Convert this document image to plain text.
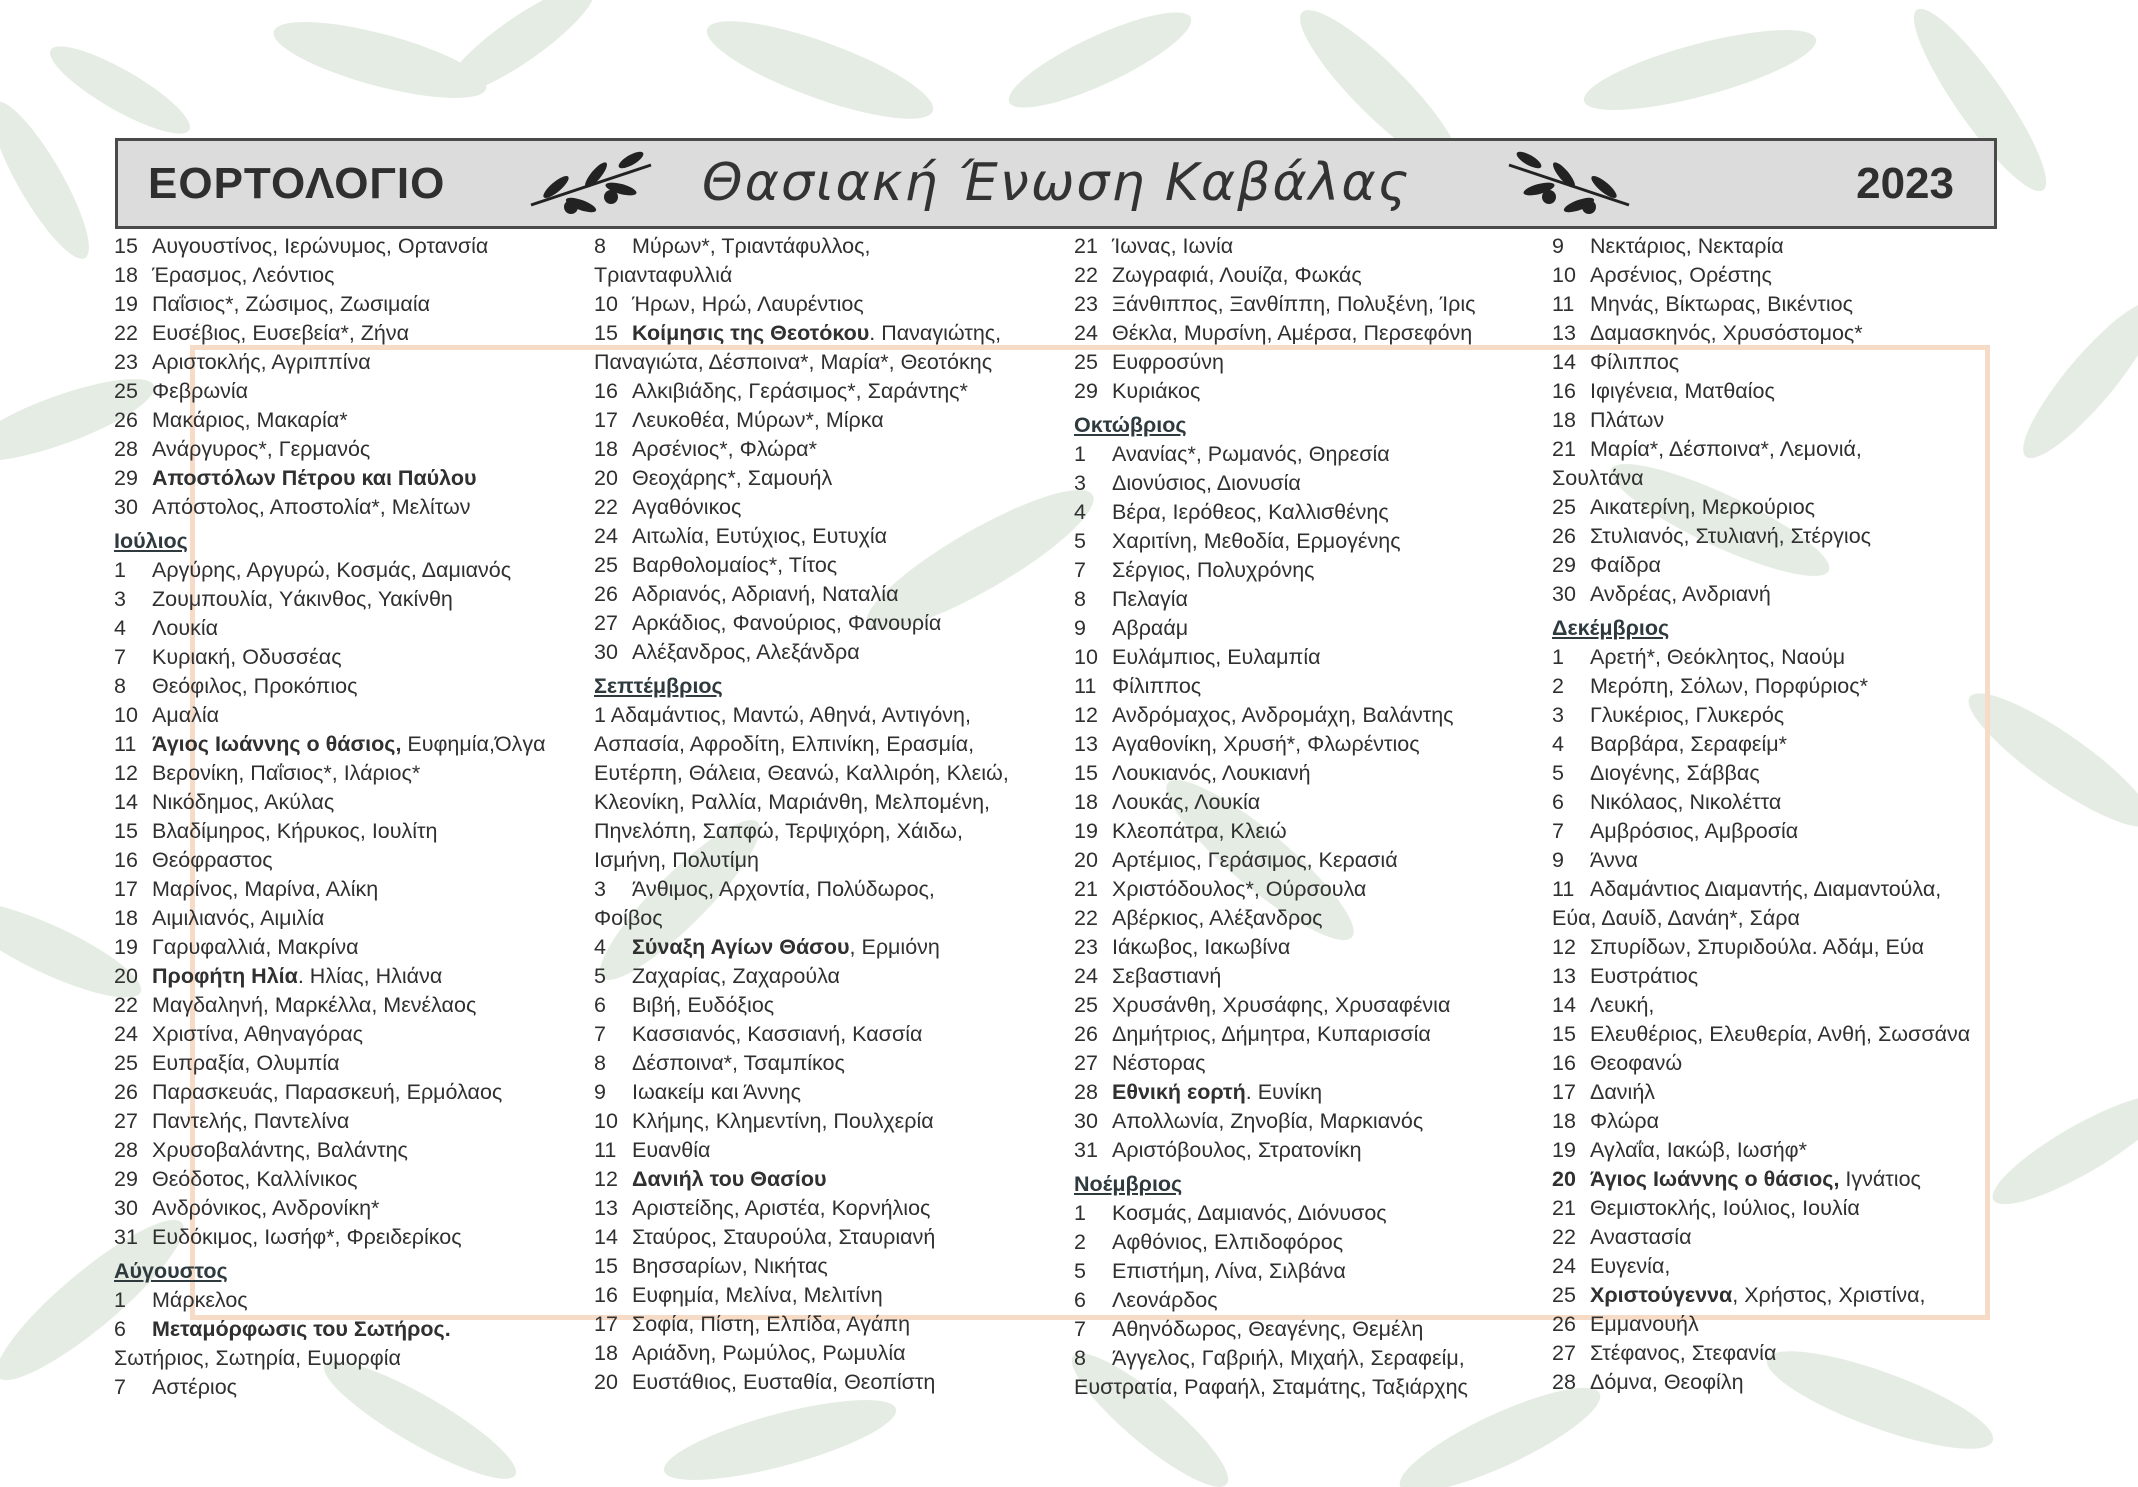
ΕΟΡΤΟΛΟΓΙΟ	Θασιακή Ένωση Καβάλας	2023
15 Αυγουστίνος, Ιερώνυμος, Ορτανσία
18 Έρασμος, Λεόντιος
19 Παΐσιος*, Ζώσιμος, Ζωσιμαία
22 Ευσέβιος, Ευσεβεία*, Ζήνα
23 Αριστοκλής, Αγριππίνα
25 Φεβρωνία
26 Μακάριος, Μακαρία*
28 Ανάργυρος*, Γερμανός
29 Αποστόλων Πέτρου και Παύλου
30 Απόστολος, Αποστολία*, Μελίτων
Ιούλιος
1 Αργύρης, Αργυρώ, Κοσμάς, Δαμιανός
3 Ζουμπουλία, Υάκινθος, Υακίνθη
4 Λουκία
7 Κυριακή, Οδυσσέας
8 Θεόφιλος, Προκόπιος
10 Αμαλία
11 Άγιος Ιωάννης ο θάσιος, Ευφημία,Όλγα
12 Βερονίκη, Παΐσιος*, Ιλάριος*
14 Νικόδημος, Ακύλας
15 Βλαδίμηρος, Κήρυκος, Ιουλίτη
16 Θεόφραστος
17 Μαρίνος, Μαρίνα, Αλίκη
18 Αιμιλιανός, Αιμιλία
19 Γαρυφαλλιά, Μακρίνα
20 Προφήτη Ηλία. Ηλίας, Ηλιάνα
22 Μαγδαληνή, Μαρκέλλα, Μενέλαος
24 Χριστίνα, Αθηναγόρας
25 Ευπραξία, Ολυμπία
26 Παρασκευάς, Παρασκευή, Ερμόλαος
27 Παντελής, Παντελίνα
28 Χρυσοβαλάντης, Βαλάντης
29 Θεόδοτος, Καλλίνικος
30 Ανδρόνικος, Ανδρονίκη*
31 Ευδόκιμος, Ιωσήφ*, Φρειδερίκος
Αύγουστος
1 Μάρκελος
6 Μεταμόρφωσις του Σωτήρος.
Σωτήριος, Σωτηρία, Ευμορφία
7 Αστέριος
8 Μύρων*, Τριαντάφυλλος,
Τριανταφυλλιά
10 Ήρων, Ηρώ, Λαυρέντιος
15 Κοίμησις της Θεοτόκου. Παναγιώτης,
Παναγιώτα, Δέσποινα*, Μαρία*, Θεοτόκης
16 Αλκιβιάδης, Γεράσιμος*, Σαράντης*
17 Λευκοθέα, Μύρων*, Μίρκα
18 Αρσένιος*, Φλώρα*
20 Θεοχάρης*, Σαμουήλ
22 Αγαθόνικος
24 Αιτωλία, Ευτύχιος, Ευτυχία
25 Βαρθολομαίος*, Τίτος
26 Αδριανός, Αδριανή, Ναταλία
27 Αρκάδιος, Φανούριος, Φανουρία
30 Αλέξανδρος, Αλεξάνδρα
Σεπτέμβριος
1 Αδαμάντιος, Μαντώ, Αθηνά, Αντιγόνη,
Ασπασία, Αφροδίτη, Ελπινίκη, Ερασμία,
Ευτέρπη, Θάλεια, Θεανώ, Καλλιρόη, Κλειώ,
Κλεονίκη, Ραλλία, Μαριάνθη, Μελπομένη,
Πηνελόπη, Σαπφώ, Τερψιχόρη, Χάιδω,
Ισμήνη, Πολυτίμη
3 Άνθιμος, Αρχοντία, Πολύδωρος,
Φοίβος
4 Σύναξη Αγίων Θάσου, Ερμιόνη
5 Ζαχαρίας, Ζαχαρούλα
6 Βιβή, Ευδόξιος
7 Κασσιανός, Κασσιανή, Κασσία
8 Δέσποινα*, Τσαμπίκος
9 Ιωακείμ και Άννης
10 Κλήμης, Κλημεντίνη, Πουλχερία
11 Ευανθία
12 Δανιήλ του Θασίου
13 Αριστείδης, Αριστέα, Κορνήλιος
14 Σταύρος, Σταυρούλα, Σταυριανή
15 Βησσαρίων, Νικήτας
16 Ευφημία, Μελίνα, Μελιτίνη
17 Σοφία, Πίστη, Ελπίδα, Αγάπη
18 Αριάδνη, Ρωμύλος, Ρωμυλία
20 Ευστάθιος, Ευσταθία, Θεοπίστη
21 Ίωνας, Ιωνία
22 Ζωγραφιά, Λουίζα, Φωκάς
23 Ξάνθιππος, Ξανθίππη, Πολυξένη, Ίρις
24 Θέκλα, Μυρσίνη, Αμέρσα, Περσεφόνη
25 Ευφροσύνη
29 Κυριάκος
Οκτώβριος
1 Ανανίας*, Ρωμανός, Θηρεσία
3 Διονύσιος, Διονυσία
4 Βέρα, Ιερόθεος, Καλλισθένης
5 Χαριτίνη, Μεθοδία, Ερμογένης
7 Σέργιος, Πολυχρόνης
8 Πελαγία
9 Αβραάμ
10 Ευλάμπιος, Ευλαμπία
11 Φίλιππος
12 Ανδρόμαχος, Ανδρομάχη, Βαλάντης
13 Αγαθονίκη, Χρυσή*, Φλωρέντιος
15 Λουκιανός, Λουκιανή
18 Λουκάς, Λουκία
19 Κλεοπάτρα, Κλειώ
20 Αρτέμιος, Γεράσιμος, Κερασιά
21 Χριστόδουλος*, Ούρσουλα
22 Αβέρκιος, Αλέξανδρος
23 Ιάκωβος, Ιακωβίνα
24 Σεβαστιανή
25 Χρυσάνθη, Χρυσάφης, Χρυσαφένια
26 Δημήτριος, Δήμητρα, Κυπαρισσία
27 Νέστορας
28 Εθνική εορτή. Ευνίκη
30 Απολλωνία, Ζηνοβία, Μαρκιανός
31 Αριστόβουλος, Στρατονίκη
Νοέμβριος
1 Κοσμάς, Δαμιανός, Διόνυσος
2 Αφθόνιος, Ελπιδοφόρος
5 Επιστήμη, Λίνα, Σιλβάνα
6 Λεονάρδος
7 Αθηνόδωρος, Θεαγένης, Θεμέλη
8 Άγγελος, Γαβριήλ, Μιχαήλ, Σεραφείμ,
Ευστρατία, Ραφαήλ, Σταμάτης, Ταξιάρχης
9 Νεκτάριος, Νεκταρία
10 Αρσένιος, Ορέστης
11 Μηνάς, Βίκτωρας, Βικέντιος
13 Δαμασκηνός, Χρυσόστομος*
14 Φίλιππος
16 Ιφιγένεια, Ματθαίος
18 Πλάτων
21 Μαρία*, Δέσποινα*, Λεμονιά,
Σουλτάνα
25 Αικατερίνη, Μερκούριος
26 Στυλιανός, Στυλιανή, Στέργιος
29 Φαίδρα
30 Ανδρέας, Ανδριανή
Δεκέμβριος
1 Αρετή*, Θεόκλητος, Ναούμ
2 Μερόπη, Σόλων, Πορφύριος*
3 Γλυκέριος, Γλυκερός
4 Βαρβάρα, Σεραφείμ*
5 Διογένης, Σάββας
6 Νικόλαος, Νικολέττα
7 Αμβρόσιος, Αμβροσία
9 Άννα
11 Αδαμάντιος Διαμαντής, Διαμαντούλα,
Εύα, Δαυίδ, Δανάη*, Σάρα
12 Σπυρίδων, Σπυριδούλα. Αδάμ, Εύα
13 Ευστράτιος
14 Λευκή,
15 Ελευθέριος, Ελευθερία, Ανθή, Σωσσάνα
16 Θεοφανώ
17 Δανιήλ
18 Φλώρα
19 Αγλαΐα, Ιακώβ, Ιωσήφ*
20 Άγιος Ιωάννης ο θάσιος, Ιγνάτιος
21 Θεμιστοκλής, Ιούλιος, Ιουλία
22 Αναστασία
24 Ευγενία,
25 Χριστούγεννα, Χρήστος, Χριστίνα,
26 Εμμανουήλ
27 Στέφανος, Στεφανία
28 Δόμνα, Θεοφίλη
